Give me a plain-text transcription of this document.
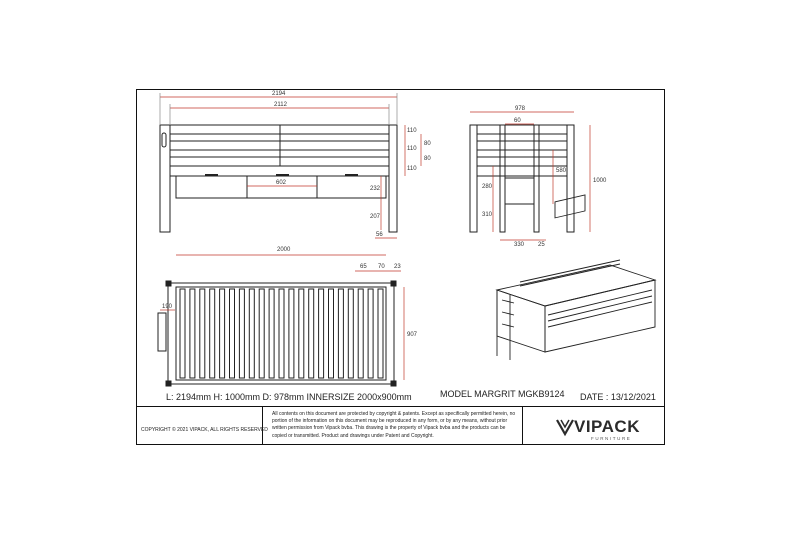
2194
2112
602
110
80
110
80
110
232
207
56
978
60
1000
280
310
580
330 25
2000
65 70 23
190
907
L: 2194mm H: 1000mm D: 978mm INNERSIZE 2000x900mm	MODEL MARGRIT MGKB9124 DATE : 13/12/2021
COPYRIGHT © 2021 VIPACK, ALL RIGHTS RESERVED
All contents on this document are protected by copyright & patents. Except as specifically permitted herein, no portion of the information on this document may be reproduced in any form, or by any means, without prior written permission from Vipack bvba. This drawing is the property of Vipack bvba and the products can be copied or transmitted. Product and drawings under Patent and Copyright.	VIPACK
FURNITURE
